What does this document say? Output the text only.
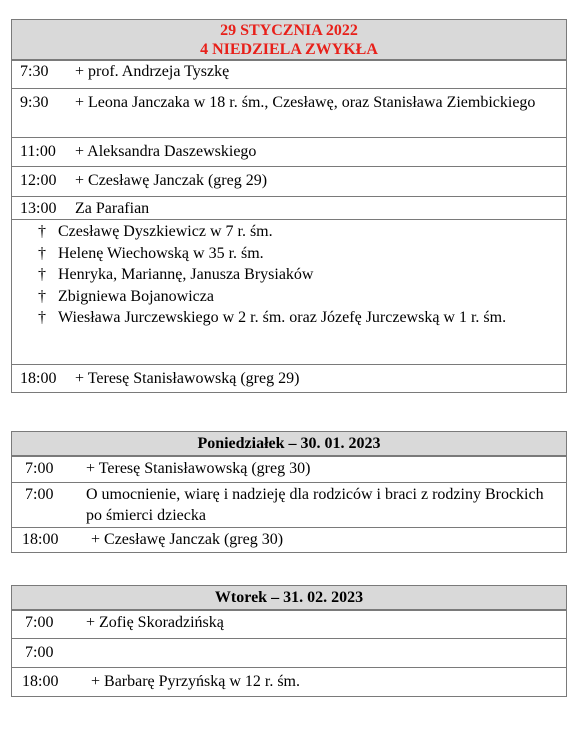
29 STYCZNIA 2022
4 NIEDZIELA ZWYKŁA
7:30	+ prof. Andrzeja Tyszkę
9:30	+ Leona Janczaka w 18 r. śm., Czesławę, oraz Stanisława Ziembickiego
11:00	+ Aleksandra Daszewskiego
12:00	+ Czesławę Janczak (greg 29)
13:00	Za Parafian
† Czesławę Dyszkiewicz w 7 r. śm.
† Helenę Wiechowską w 35 r. śm.
† Henryka, Mariannę, Janusza Brysiaków
† Zbigniewa Bojanowicza
† Wiesława Jurczewskiego w 2 r. śm. oraz Józefę Jurczewską w 1 r. śm.
18:00	+ Teresę Stanisławowską (greg 29)
Poniedziałek – 30. 01. 2023
7:00	+ Teresę Stanisławowską (greg 30)
7:00	O umocnienie, wiarę i nadzieję dla rodziców i braci z rodziny Brockich po śmierci dziecka
18:00	+ Czesławę Janczak (greg 30)
Wtorek – 31. 02. 2023
7:00	+ Zofię Skoradzińską
7:00
18:00	+ Barbarę Pyrzyńską w 12 r. śm.
